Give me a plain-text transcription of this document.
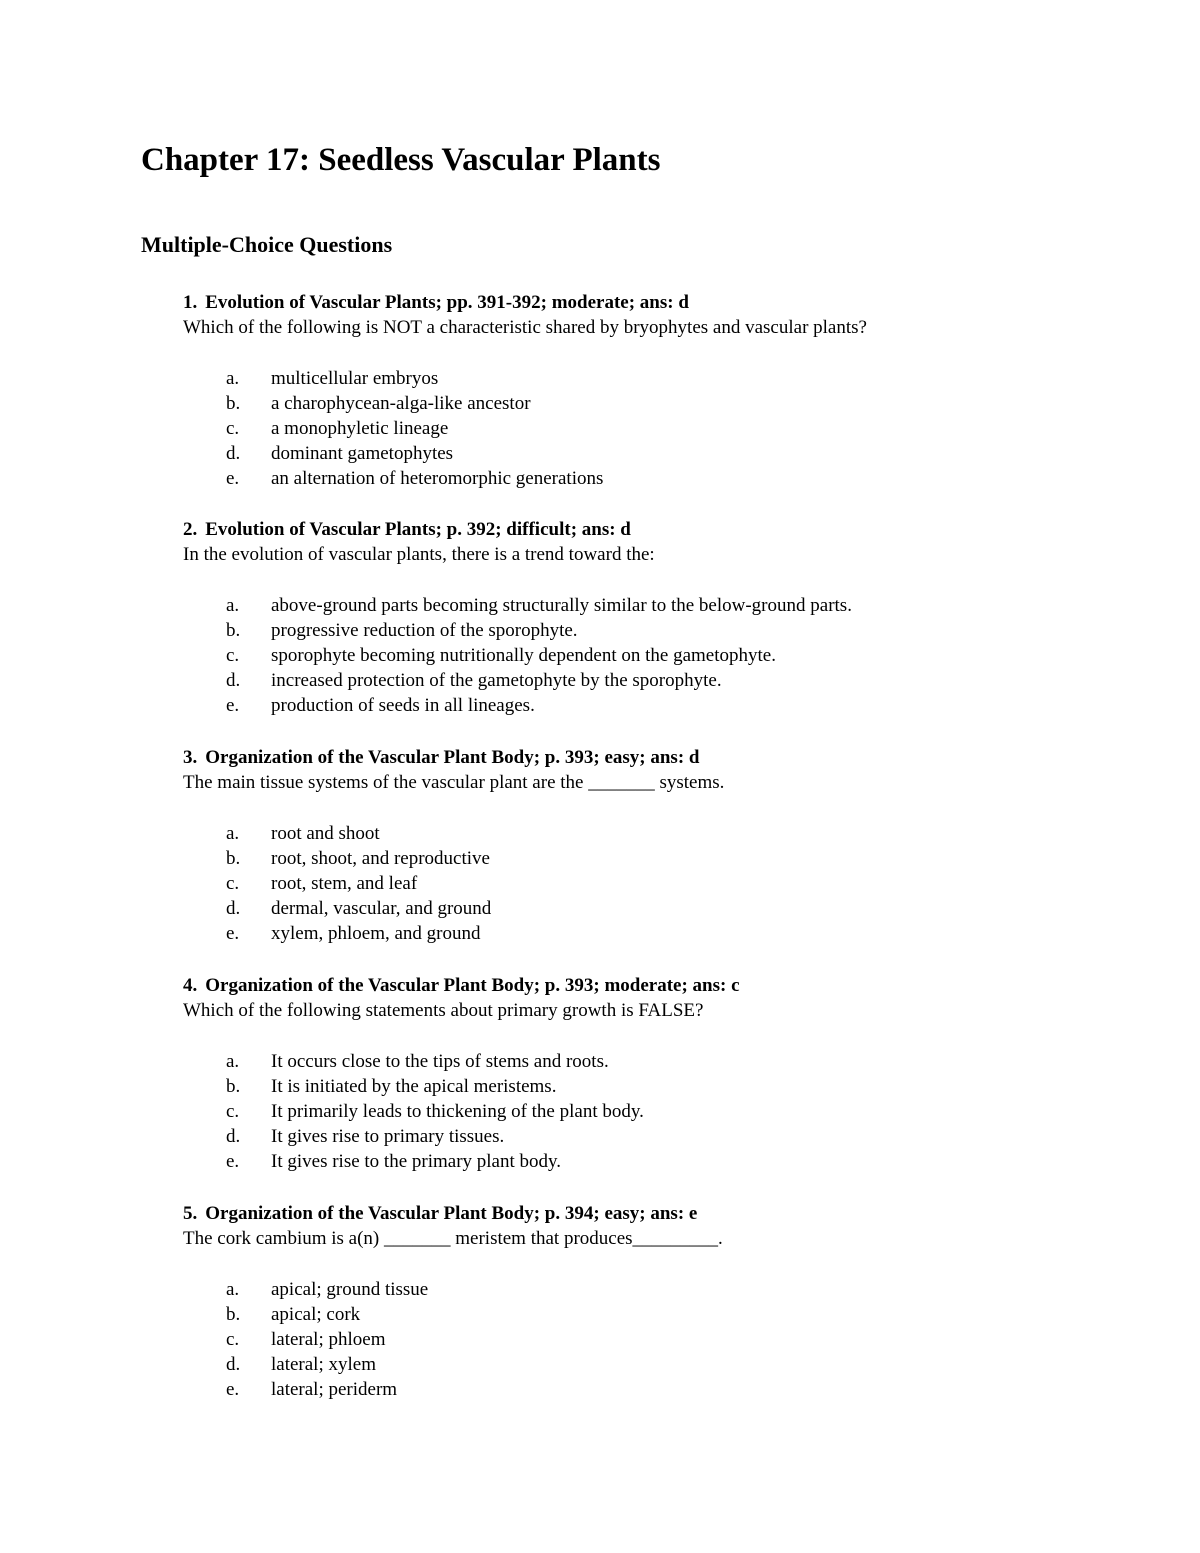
Chapter 17: Seedless Vascular Plants
Multiple-Choice Questions
1. Evolution of Vascular Plants; pp. 391-392; moderate; ans: d
Which of the following is NOT a characteristic shared by bryophytes and vascular plants?
a.	multicellular embryos
b.	a charophycean-alga-like ancestor
c.	a monophyletic lineage
d.	dominant gametophytes
e.	an alternation of heteromorphic generations
2. Evolution of Vascular Plants; p. 392; difficult; ans: d
In the evolution of vascular plants, there is a trend toward the:
a.	above-ground parts becoming structurally similar to the below-ground parts.
b.	progressive reduction of the sporophyte.
c.	sporophyte becoming nutritionally dependent on the gametophyte.
d.	increased protection of the gametophyte by the sporophyte.
e.	production of seeds in all lineages.
3. Organization of the Vascular Plant Body; p. 393; easy; ans: d
The main tissue systems of the vascular plant are the _______ systems.
a.	root and shoot
b.	root, shoot, and reproductive
c.	root, stem, and leaf
d.	dermal, vascular, and ground
e.	xylem, phloem, and ground
4. Organization of the Vascular Plant Body; p. 393; moderate; ans: c
Which of the following statements about primary growth is FALSE?
a.	It occurs close to the tips of stems and roots.
b.	It is initiated by the apical meristems.
c.	It primarily leads to thickening of the plant body.
d.	It gives rise to primary tissues.
e.	It gives rise to the primary plant body.
5. Organization of the Vascular Plant Body; p. 394; easy; ans: e
The cork cambium is a(n) _______ meristem that produces_________.
a.	apical; ground tissue
b.	apical; cork
c.	lateral; phloem
d.	lateral; xylem
e.	lateral; periderm
